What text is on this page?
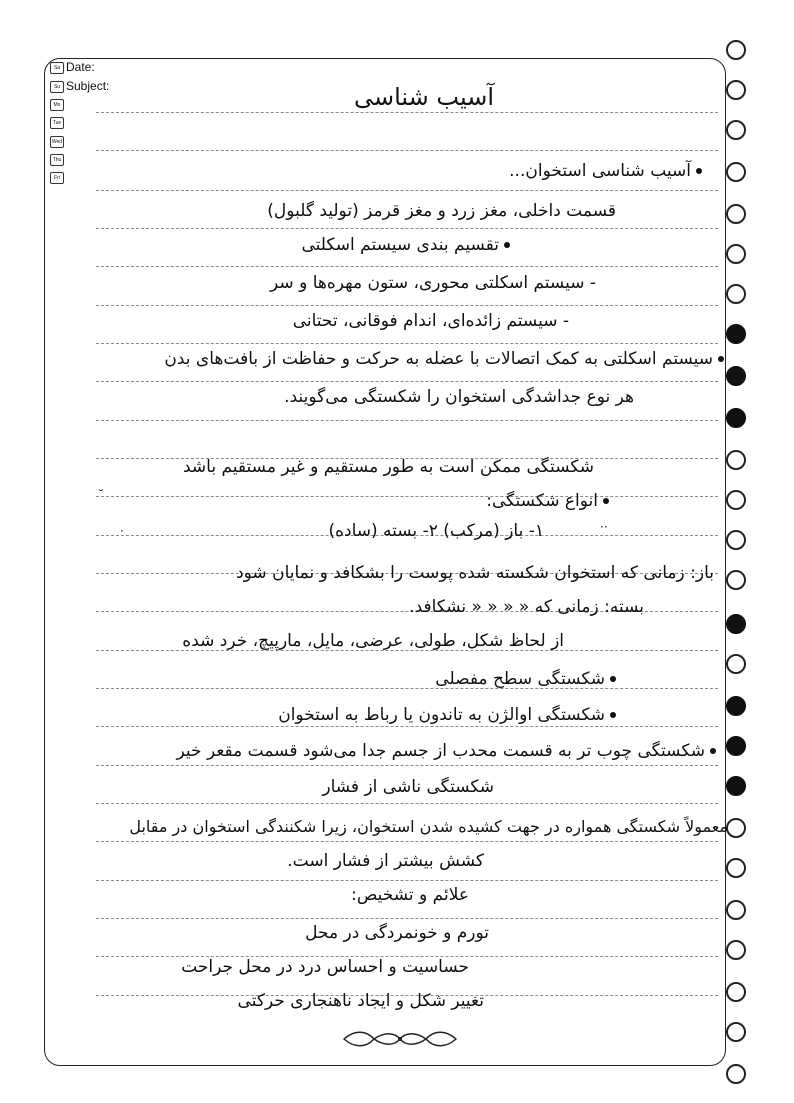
Date:
Subject:
Sa
Su
Mo
Tue
Wed
Thu
Fri
آسیب شناسی
آسیب شناسی استخوان...
قسمت داخلی، مغز زرد و مغز قرمز (تولید گلبول)
تقسیم بندی سیستم اسکلتی
- سیستم اسکلتی محوری، ستون مهره‌ها و سر
- سیستم زائده‌ای، اندام فوقانی، تحتانی
سیستم اسکلتی به کمک اتصالات با عضله به حرکت و حفاظت از بافت‌های بدن
هر نوع جداشدگی استخوان را شکستگی می‌گویند.
شکستگی ممکن است به طور مستقیم و غیر مستقیم باشد
انواع شکستگی:
۱- باز (مرکب) ۲- بسته (ساده)
باز: زمانی که استخوان شکسته شده پوست را بشکافد و نمایان شود
بسته: زمانی که « « « « نشکافد.
از لحاظ شکل، طولی، عرضی، مایل، مارپیچ، خرد شده
شکستگی سطح مفصلی
شکستگی اوالژن به تاندون یا رباط به استخوان
شکستگی چوب تر به قسمت محدب از جسم جدا می‌شود قسمت مقعر خیر
شکستگی ناشی از فشار
معمولاً شکستگی همواره در جهت کشیده شدن استخوان، زیرا شکنندگی استخوان در مقابل
کشش بیشتر از فشار است.
علائم و تشخیص:
تورم و خونمردگی در محل
حساسیت و احساس درد در محل جراحت
تغییر شکل و ایجاد ناهنجاری حرکتی
˘
·	··
